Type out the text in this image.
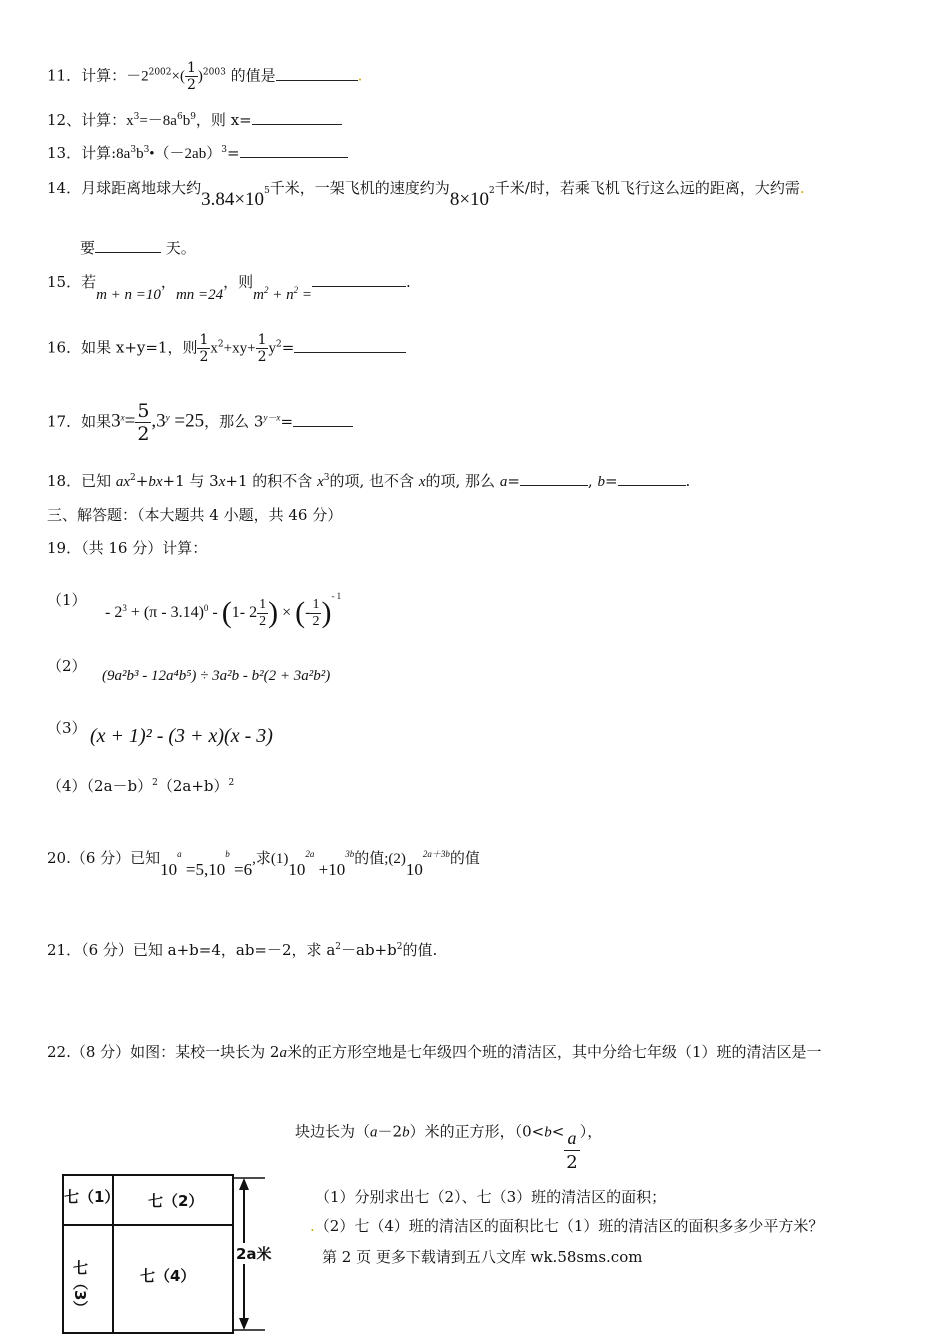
11．计算：$-2^{2002}\times( \frac{1}{2} )^{2003}$ 的值是	.
12、计算：$x^3=-8a^6b^9$，则 x=
13．计算$:8a^3b^3•(-2ab)^3=$
14．月球距离地球大约3.84×105千米，一架飞机的速度约为8×102千米/时，若乘飞机飞行这么远的距离，大约需.
要	天。
15．若m + n =10，mn =24，则$m^2 + n^2$ =.
16．如果 x+y=1，则 $\frac{1}{2} x^2+xy+ \frac{1}{2} y^2=$
17．如果$3^x= \frac{5}{2} ,3^y =25$，那么 $3^{y-x}=$
18．已知 $ax^2+bx+1$ 与 3x+1 的积不含 $x^3$的项, 也不含 x的项, 那么 a=	, b=	.
三、解答题：（本大题共 4 小题，共 46 分）
19．（共 16 分）计算：
（1）
- $2^3 + (\pi - 3.14)^0 - (1-$ $2 \frac{1}{2}$ ) × (- $\frac{1}{2} )^{- 1}$
（2）
(9a²b³ - 12a⁴b⁵) ÷ 3a²b - b²(2 + 3a²b²)
（3） (x + 1)² - (3 + x)(x - 3)
$(4)(2a-b)^2(2a+b)^2$
20.（6 分）已知$10^a =5,10^b =6$,求$(1)10^{2a} +10^{3b}$的值$;(2)10^{2a+3b}$的值
21．（6 分）已知 a+b=4，ab=－2，求 $a^2-ab+b^2$的值.
22.（8 分）如图：某校一块长为 2a米的正方形空地是七年级四个班的清洁区，其中分给七年级（1）班的清洁区是一
块边长为（a－2b）米的正方形，（$0<b< \frac{a}{2}$ ），
（1）分别求出七（2）、七（3）班的清洁区的面积；
.（2）七（4）班的清洁区的面积比七（1）班的清洁区的面积多多少平方米？
第 2 页 更多下载请到五八文库 wk.58sms.com
七（1） 七（2）
七（3）	七（4）
2a米
